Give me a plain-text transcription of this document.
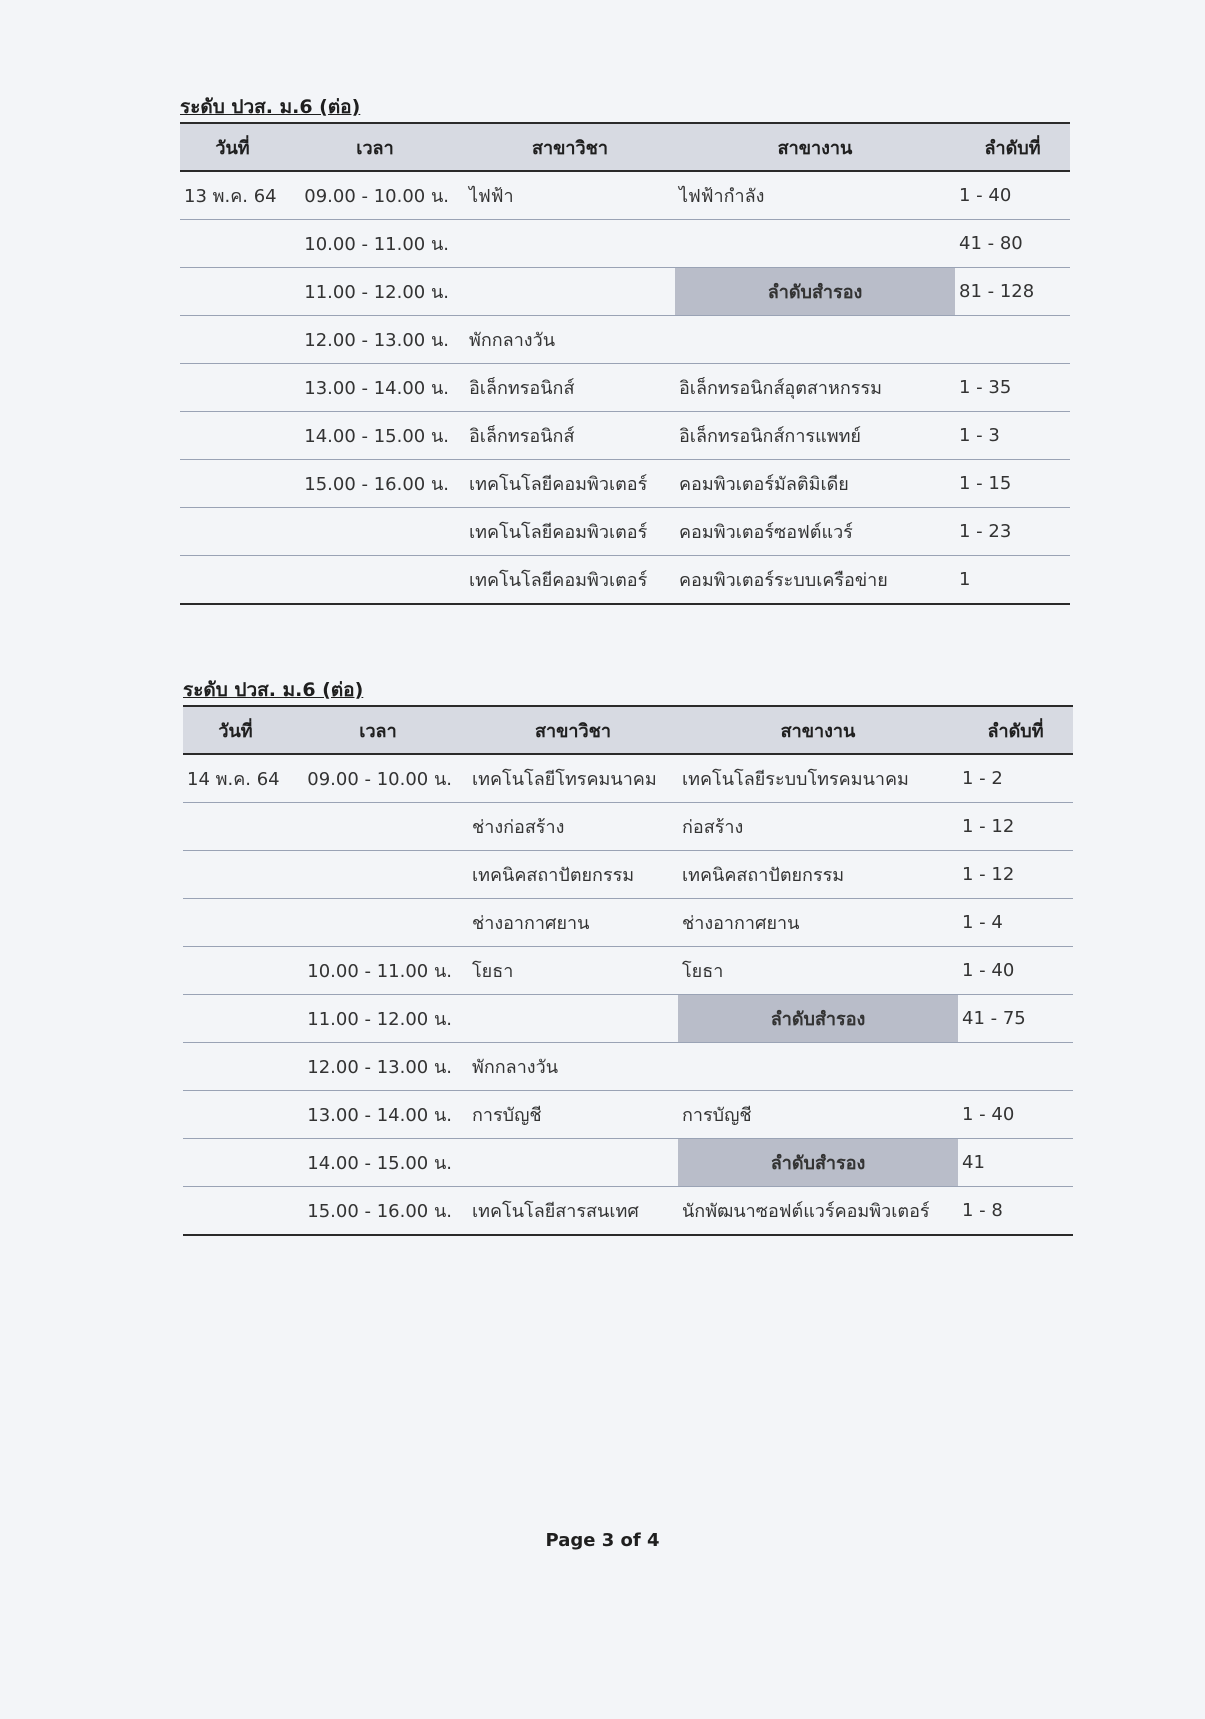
ระดับ ปวส. ม.6 (ต่อ)
วันที่	เวลา	สาขาวิชา	สาขางาน	ลำดับที่
13 พ.ค. 64	09.00 - 10.00 น.	ไฟฟ้า	ไฟฟ้ากำลัง	1 - 40
	10.00 - 11.00 น.			41 - 80
	11.00 - 12.00 น.		ลำดับสำรอง	81 - 128
	12.00 - 13.00 น.	พักกลางวัน		
	13.00 - 14.00 น.	อิเล็กทรอนิกส์	อิเล็กทรอนิกส์อุตสาหกรรม	1 - 35
	14.00 - 15.00 น.	อิเล็กทรอนิกส์	อิเล็กทรอนิกส์การแพทย์	1 - 3
	15.00 - 16.00 น.	เทคโนโลยีคอมพิวเตอร์	คอมพิวเตอร์มัลติมิเดีย	1 - 15
		เทคโนโลยีคอมพิวเตอร์	คอมพิวเตอร์ซอฟต์แวร์	1 - 23
		เทคโนโลยีคอมพิวเตอร์	คอมพิวเตอร์ระบบเครือข่าย	1
ระดับ ปวส. ม.6 (ต่อ)
วันที่	เวลา	สาขาวิชา	สาขางาน	ลำดับที่
14 พ.ค. 64	09.00 - 10.00 น.	เทคโนโลยีโทรคมนาคม	เทคโนโลยีระบบโทรคมนาคม	1 - 2
		ช่างก่อสร้าง	ก่อสร้าง	1 - 12
		เทคนิคสถาปัตยกรรม	เทคนิคสถาปัตยกรรม	1 - 12
		ช่างอากาศยาน	ช่างอากาศยาน	1 - 4
	10.00 - 11.00 น.	โยธา	โยธา	1 - 40
	11.00 - 12.00 น.		ลำดับสำรอง	41 - 75
	12.00 - 13.00 น.	พักกลางวัน		
	13.00 - 14.00 น.	การบัญชี	การบัญชี	1 - 40
	14.00 - 15.00 น.		ลำดับสำรอง	41
	15.00 - 16.00 น.	เทคโนโลยีสารสนเทศ	นักพัฒนาซอฟต์แวร์คอมพิวเตอร์	1 - 8
Page 3 of 4
